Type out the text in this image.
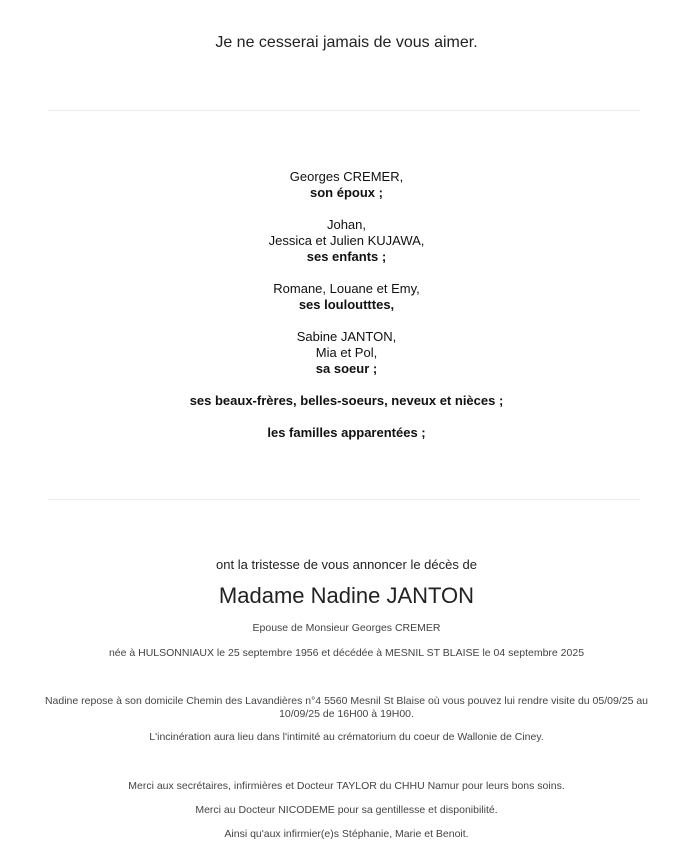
Je ne cesserai jamais de vous aimer.
Georges CREMER,
son époux ;
Johan,
Jessica et Julien KUJAWA,
ses enfants ;
Romane, Louane et Emy,
ses louloutttes,
Sabine JANTON,
Mia et Pol,
sa soeur ;
ses beaux-frères, belles-soeurs, neveux et nièces ;
les familles apparentées ;
ont la tristesse de vous annoncer le décès de
Madame Nadine JANTON
Epouse de Monsieur Georges CREMER
née à HULSONNIAUX le 25 septembre 1956 et décédée à MESNIL ST BLAISE le 04 septembre 2025
Nadine repose à son domicile Chemin des Lavandières n°4 5560 Mesnil St Blaise où vous pouvez lui rendre visite du 05/09/25 au 10/09/25 de 16H00 à 19H00.
L'incinération aura lieu dans l'intimité au crématorium du coeur de Wallonie de Ciney.
Merci aux secrétaires, infirmières et Docteur TAYLOR du CHHU Namur pour leurs bons soins.
Merci au Docteur NICODEME pour sa gentillesse et disponibilité.
Ainsi qu'aux infirmier(e)s Stéphanie, Marie et Benoit.
